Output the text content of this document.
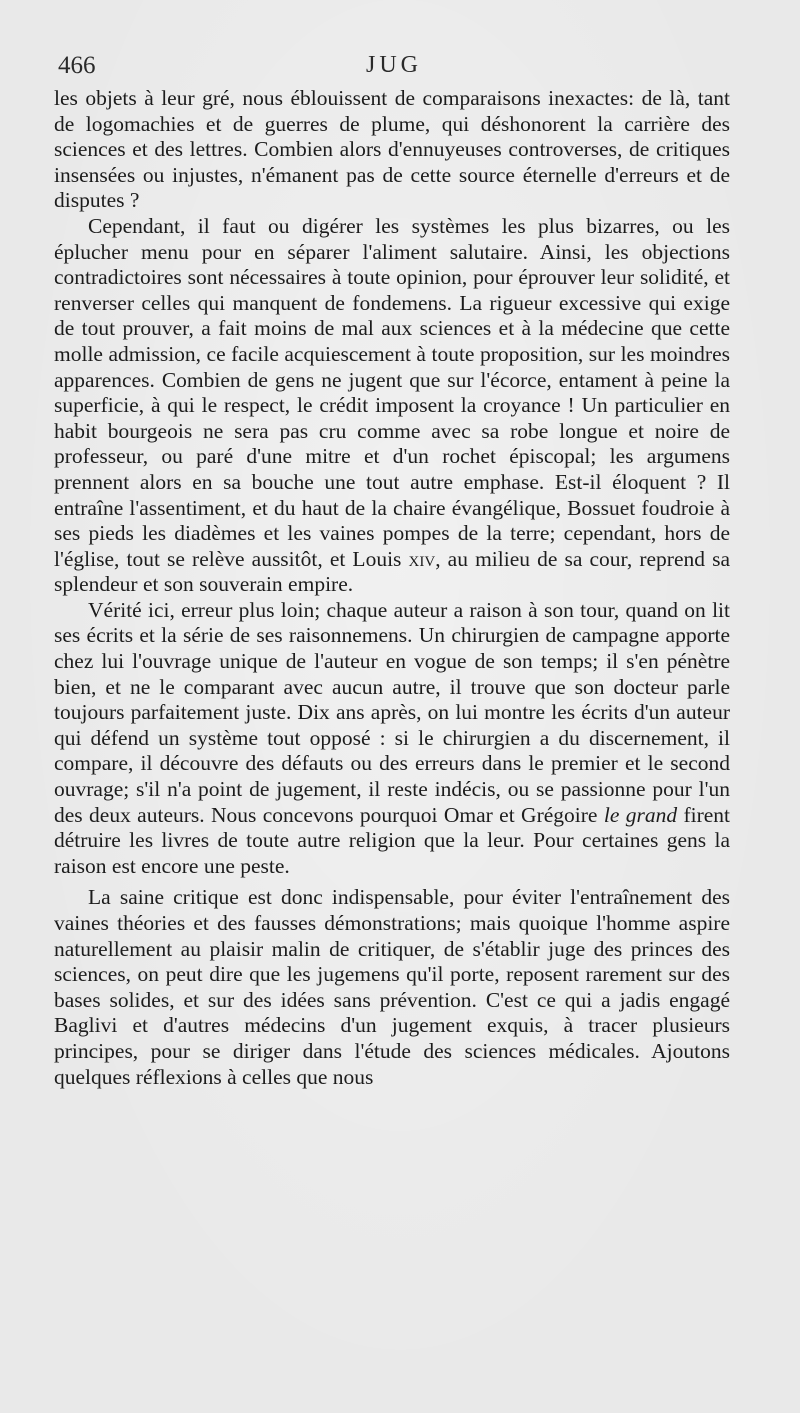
466	JUG

les objets à leur gré, nous éblouissent de comparaisons inexactes: de là, tant de logomachies et de guerres de plume, qui déshonorent la carrière des sciences et des lettres. Combien alors d'ennuyeuses controverses, de critiques insensées ou injustes, n'émanent pas de cette source éternelle d'erreurs et de disputes ?

Cependant, il faut ou digérer les systèmes les plus bizarres, ou les éplucher menu pour en séparer l'aliment salutaire. Ainsi, les objections contradictoires sont nécessaires à toute opinion, pour éprouver leur solidité, et renverser celles qui manquent de fondemens. La rigueur excessive qui exige de tout prouver, a fait moins de mal aux sciences et à la médecine que cette molle admission, ce facile acquiescement à toute proposition, sur les moindres apparences. Combien de gens ne jugent que sur l'écorce, entament à peine la superficie, à qui le respect, le crédit imposent la croyance ! Un particulier en habit bourgeois ne sera pas cru comme avec sa robe longue et noire de professeur, ou paré d'une mitre et d'un rochet épiscopal; les argumens prennent alors en sa bouche une tout autre emphase. Est-il éloquent ? Il entraîne l'assentiment, et du haut de la chaire évangélique, Bossuet foudroie à ses pieds les diadèmes et les vaines pompes de la terre; cependant, hors de l'église, tout se relève aussitôt, et Louis xiv, au milieu de sa cour, reprend sa splendeur et son souverain empire.

Vérité ici, erreur plus loin; chaque auteur a raison à son tour, quand on lit ses écrits et la série de ses raisonnemens. Un chirurgien de campagne apporte chez lui l'ouvrage unique de l'auteur en vogue de son temps; il s'en pénètre bien, et ne le comparant avec aucun autre, il trouve que son docteur parle toujours parfaitement juste. Dix ans après, on lui montre les écrits d'un auteur qui défend un système tout opposé : si le chirurgien a du discernement, il compare, il découvre des défauts ou des erreurs dans le premier et le second ouvrage; s'il n'a point de jugement, il reste indécis, ou se passionne pour l'un des deux auteurs. Nous concevons pourquoi Omar et Grégoire le grand firent détruire les livres de toute autre religion que la leur. Pour certaines gens la raison est encore une peste.

La saine critique est donc indispensable, pour éviter l'entraînement des vaines théories et des fausses démonstrations; mais quoique l'homme aspire naturellement au plaisir malin de critiquer, de s'établir juge des princes des sciences, on peut dire que les jugemens qu'il porte, reposent rarement sur des bases solides, et sur des idées sans prévention. C'est ce qui a jadis engagé Baglivi et d'autres médecins d'un jugement exquis, à tracer plusieurs principes, pour se diriger dans l'étude des sciences médicales. Ajoutons quelques réflexions à celles que nous
